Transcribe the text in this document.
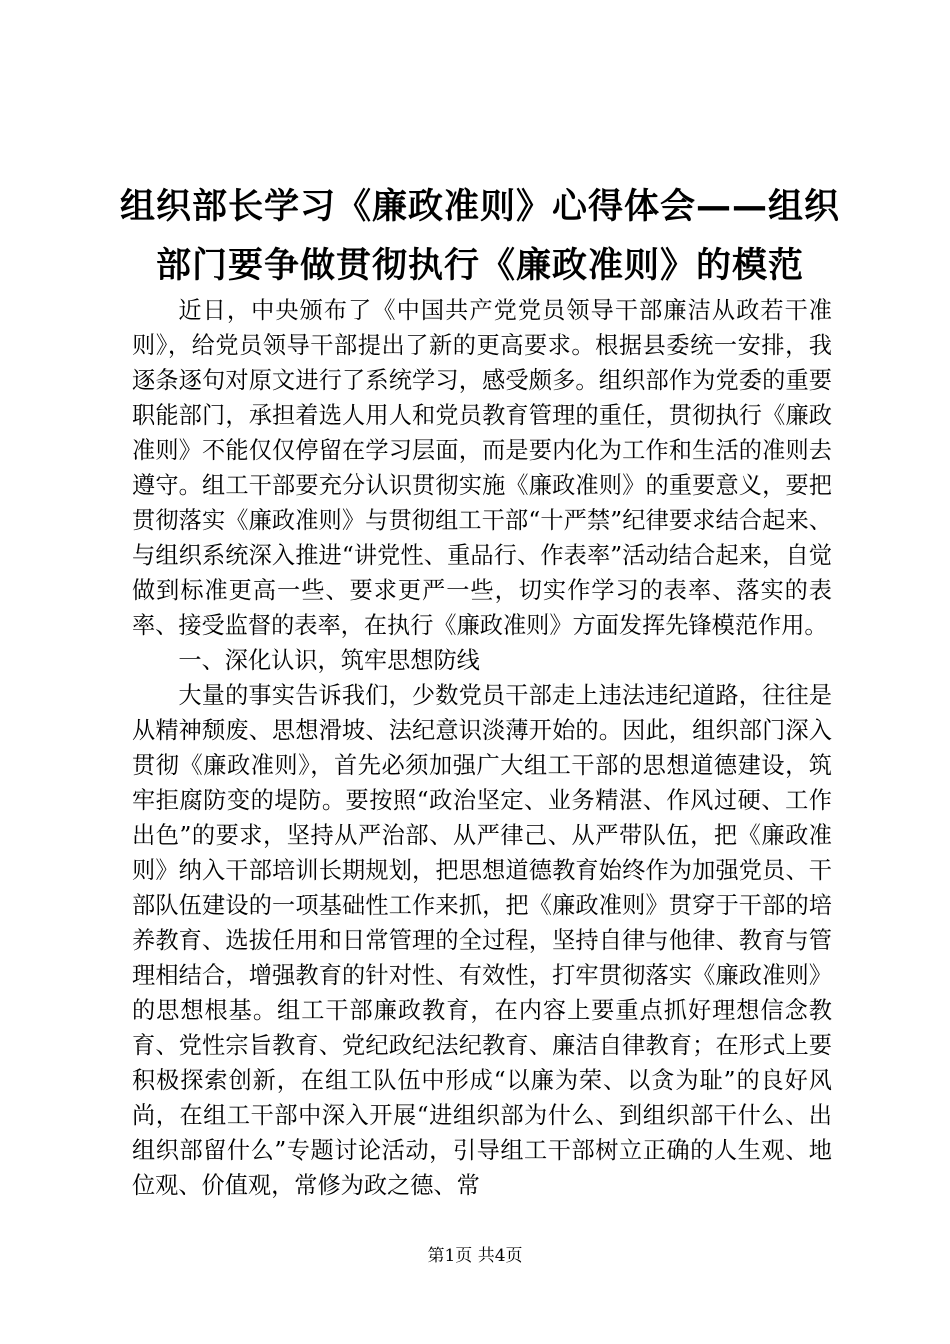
组织部长学习《廉政准则》心得体会——组织
部门要争做贯彻执行《廉政准则》的模范

近日，中央颁布了《中国共产党党员领导干部廉洁从政若干准则》，给党员领导干部提出了新的更高要求。根据县委统一安排，我逐条逐句对原文进行了系统学习，感受颇多。组织部作为党委的重要职能部门，承担着选人用人和党员教育管理的重任，贯彻执行《廉政准则》不能仅仅停留在学习层面，而是要内化为工作和生活的准则去遵守。组工干部要充分认识贯彻实施《廉政准则》的重要意义，要把贯彻落实《廉政准则》与贯彻组工干部“十严禁”纪律要求结合起来、与组织系统深入推进“讲党性、重品行、作表率”活动结合起来，自觉做到标准更高一些、要求更严一些，切实作学习的表率、落实的表率、接受监督的表率，在执行《廉政准则》方面发挥先锋模范作用。

一、深化认识，筑牢思想防线

大量的事实告诉我们，少数党员干部走上违法违纪道路，往往是从精神颓废、思想滑坡、法纪意识淡薄开始的。因此，组织部门深入贯彻《廉政准则》，首先必须加强广大组工干部的思想道德建设，筑牢拒腐防变的堤防。要按照“政治坚定、业务精湛、作风过硬、工作出色”的要求，坚持从严治部、从严律己、从严带队伍，把《廉政准则》纳入干部培训长期规划，把思想道德教育始终作为加强党员、干部队伍建设的一项基础性工作来抓，把《廉政准则》贯穿于干部的培养教育、选拔任用和日常管理的全过程，坚持自律与他律、教育与管理相结合，增强教育的针对性、有效性，打牢贯彻落实《廉政准则》的思想根基。组工干部廉政教育，在内容上要重点抓好理想信念教育、党性宗旨教育、党纪政纪法纪教育、廉洁自律教育；在形式上要积极探索创新，在组工队伍中形成“以廉为荣、以贪为耻”的良好风尚，在组工干部中深入开展“进组织部为什么、到组织部干什么、出组织部留什么”专题讨论活动，引导组工干部树立正确的人生观、地位观、价值观，常修为政之德、常

第1页 共4页
